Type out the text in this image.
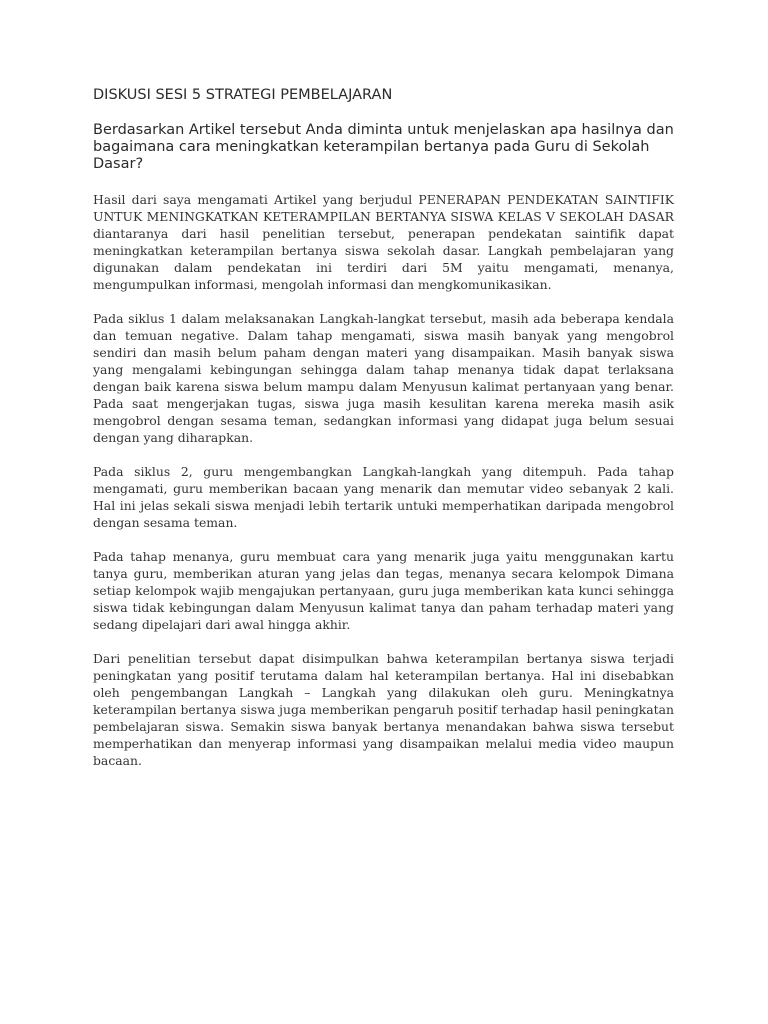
DISKUSI SESI 5 STRATEGI PEMBELAJARAN
Berdasarkan Artikel tersebut Anda diminta untuk menjelaskan apa hasilnya dan bagaimana cara meningkatkan keterampilan bertanya pada Guru di Sekolah Dasar?

Hasil dari saya mengamati Artikel yang berjudul PENERAPAN PENDEKATAN SAINTIFIK UNTUK MENINGKATKAN KETERAMPILAN BERTANYA SISWA KELAS V SEKOLAH DASAR diantaranya dari hasil penelitian tersebut, penerapan pendekatan saintifik dapat meningkatkan keterampilan bertanya siswa sekolah dasar. Langkah pembelajaran yang digunakan dalam pendekatan ini terdiri dari 5M yaitu mengamati, menanya, mengumpulkan informasi, mengolah informasi dan mengkomunikasikan.

Pada siklus 1 dalam melaksanakan Langkah-langkat tersebut, masih ada beberapa kendala dan temuan negative. Dalam tahap mengamati, siswa masih banyak yang mengobrol sendiri dan masih belum paham dengan materi yang disampaikan. Masih banyak siswa yang mengalami kebingungan sehingga dalam tahap menanya tidak dapat terlaksana dengan baik karena siswa belum mampu dalam Menyusun kalimat pertanyaan yang benar. Pada saat mengerjakan tugas, siswa juga masih kesulitan karena mereka masih asik mengobrol dengan sesama teman, sedangkan informasi yang didapat juga belum sesuai dengan yang diharapkan.

Pada siklus 2, guru mengembangkan Langkah-langkah yang ditempuh. Pada tahap mengamati, guru memberikan bacaan yang menarik dan memutar video sebanyak 2 kali. Hal ini jelas sekali siswa menjadi lebih tertarik untuki memperhatikan daripada mengobrol dengan sesama teman.

Pada tahap menanya, guru membuat cara yang menarik juga yaitu menggunakan kartu tanya guru, memberikan aturan yang jelas dan tegas, menanya secara kelompok Dimana setiap kelompok wajib mengajukan pertanyaan, guru juga memberikan kata kunci sehingga siswa tidak kebingungan dalam Menyusun kalimat tanya dan paham terhadap materi yang sedang dipelajari dari awal hingga akhir.

Dari penelitian tersebut dapat disimpulkan bahwa keterampilan bertanya siswa terjadi peningkatan yang positif terutama dalam hal keterampilan bertanya. Hal ini disebabkan oleh pengembangan Langkah – Langkah yang dilakukan oleh guru. Meningkatnya keterampilan bertanya siswa juga memberikan pengaruh positif terhadap hasil peningkatan pembelajaran siswa. Semakin siswa banyak bertanya menandakan bahwa siswa tersebut memperhatikan dan menyerap informasi yang disampaikan melalui media video maupun bacaan.
